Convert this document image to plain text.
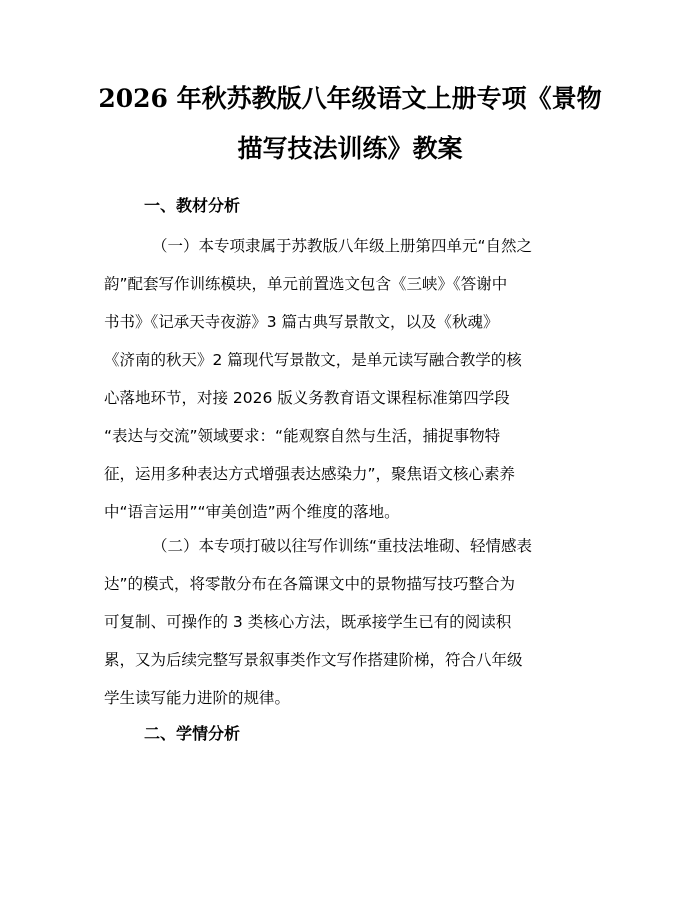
2026 年秋苏教版八年级语文上册专项《景物
描写技法训练》教案
一、教材分析
（一）本专项隶属于苏教版八年级上册第四单元“自然之
韵”配套写作训练模块，单元前置选文包含《三峡》《答谢中
书书》《记承天寺夜游》3 篇古典写景散文，以及《秋魂》
《济南的秋天》2 篇现代写景散文，是单元读写融合教学的核
心落地环节，对接 2026 版义务教育语文课程标准第四学段
“表达与交流”领域要求：“能观察自然与生活，捕捉事物特
征，运用多种表达方式增强表达感染力”，聚焦语文核心素养
中“语言运用”“审美创造”两个维度的落地。
（二）本专项打破以往写作训练“重技法堆砌、轻情感表
达”的模式，将零散分布在各篇课文中的景物描写技巧整合为
可复制、可操作的 3 类核心方法，既承接学生已有的阅读积
累，又为后续完整写景叙事类作文写作搭建阶梯，符合八年级
学生读写能力进阶的规律。
二、学情分析
